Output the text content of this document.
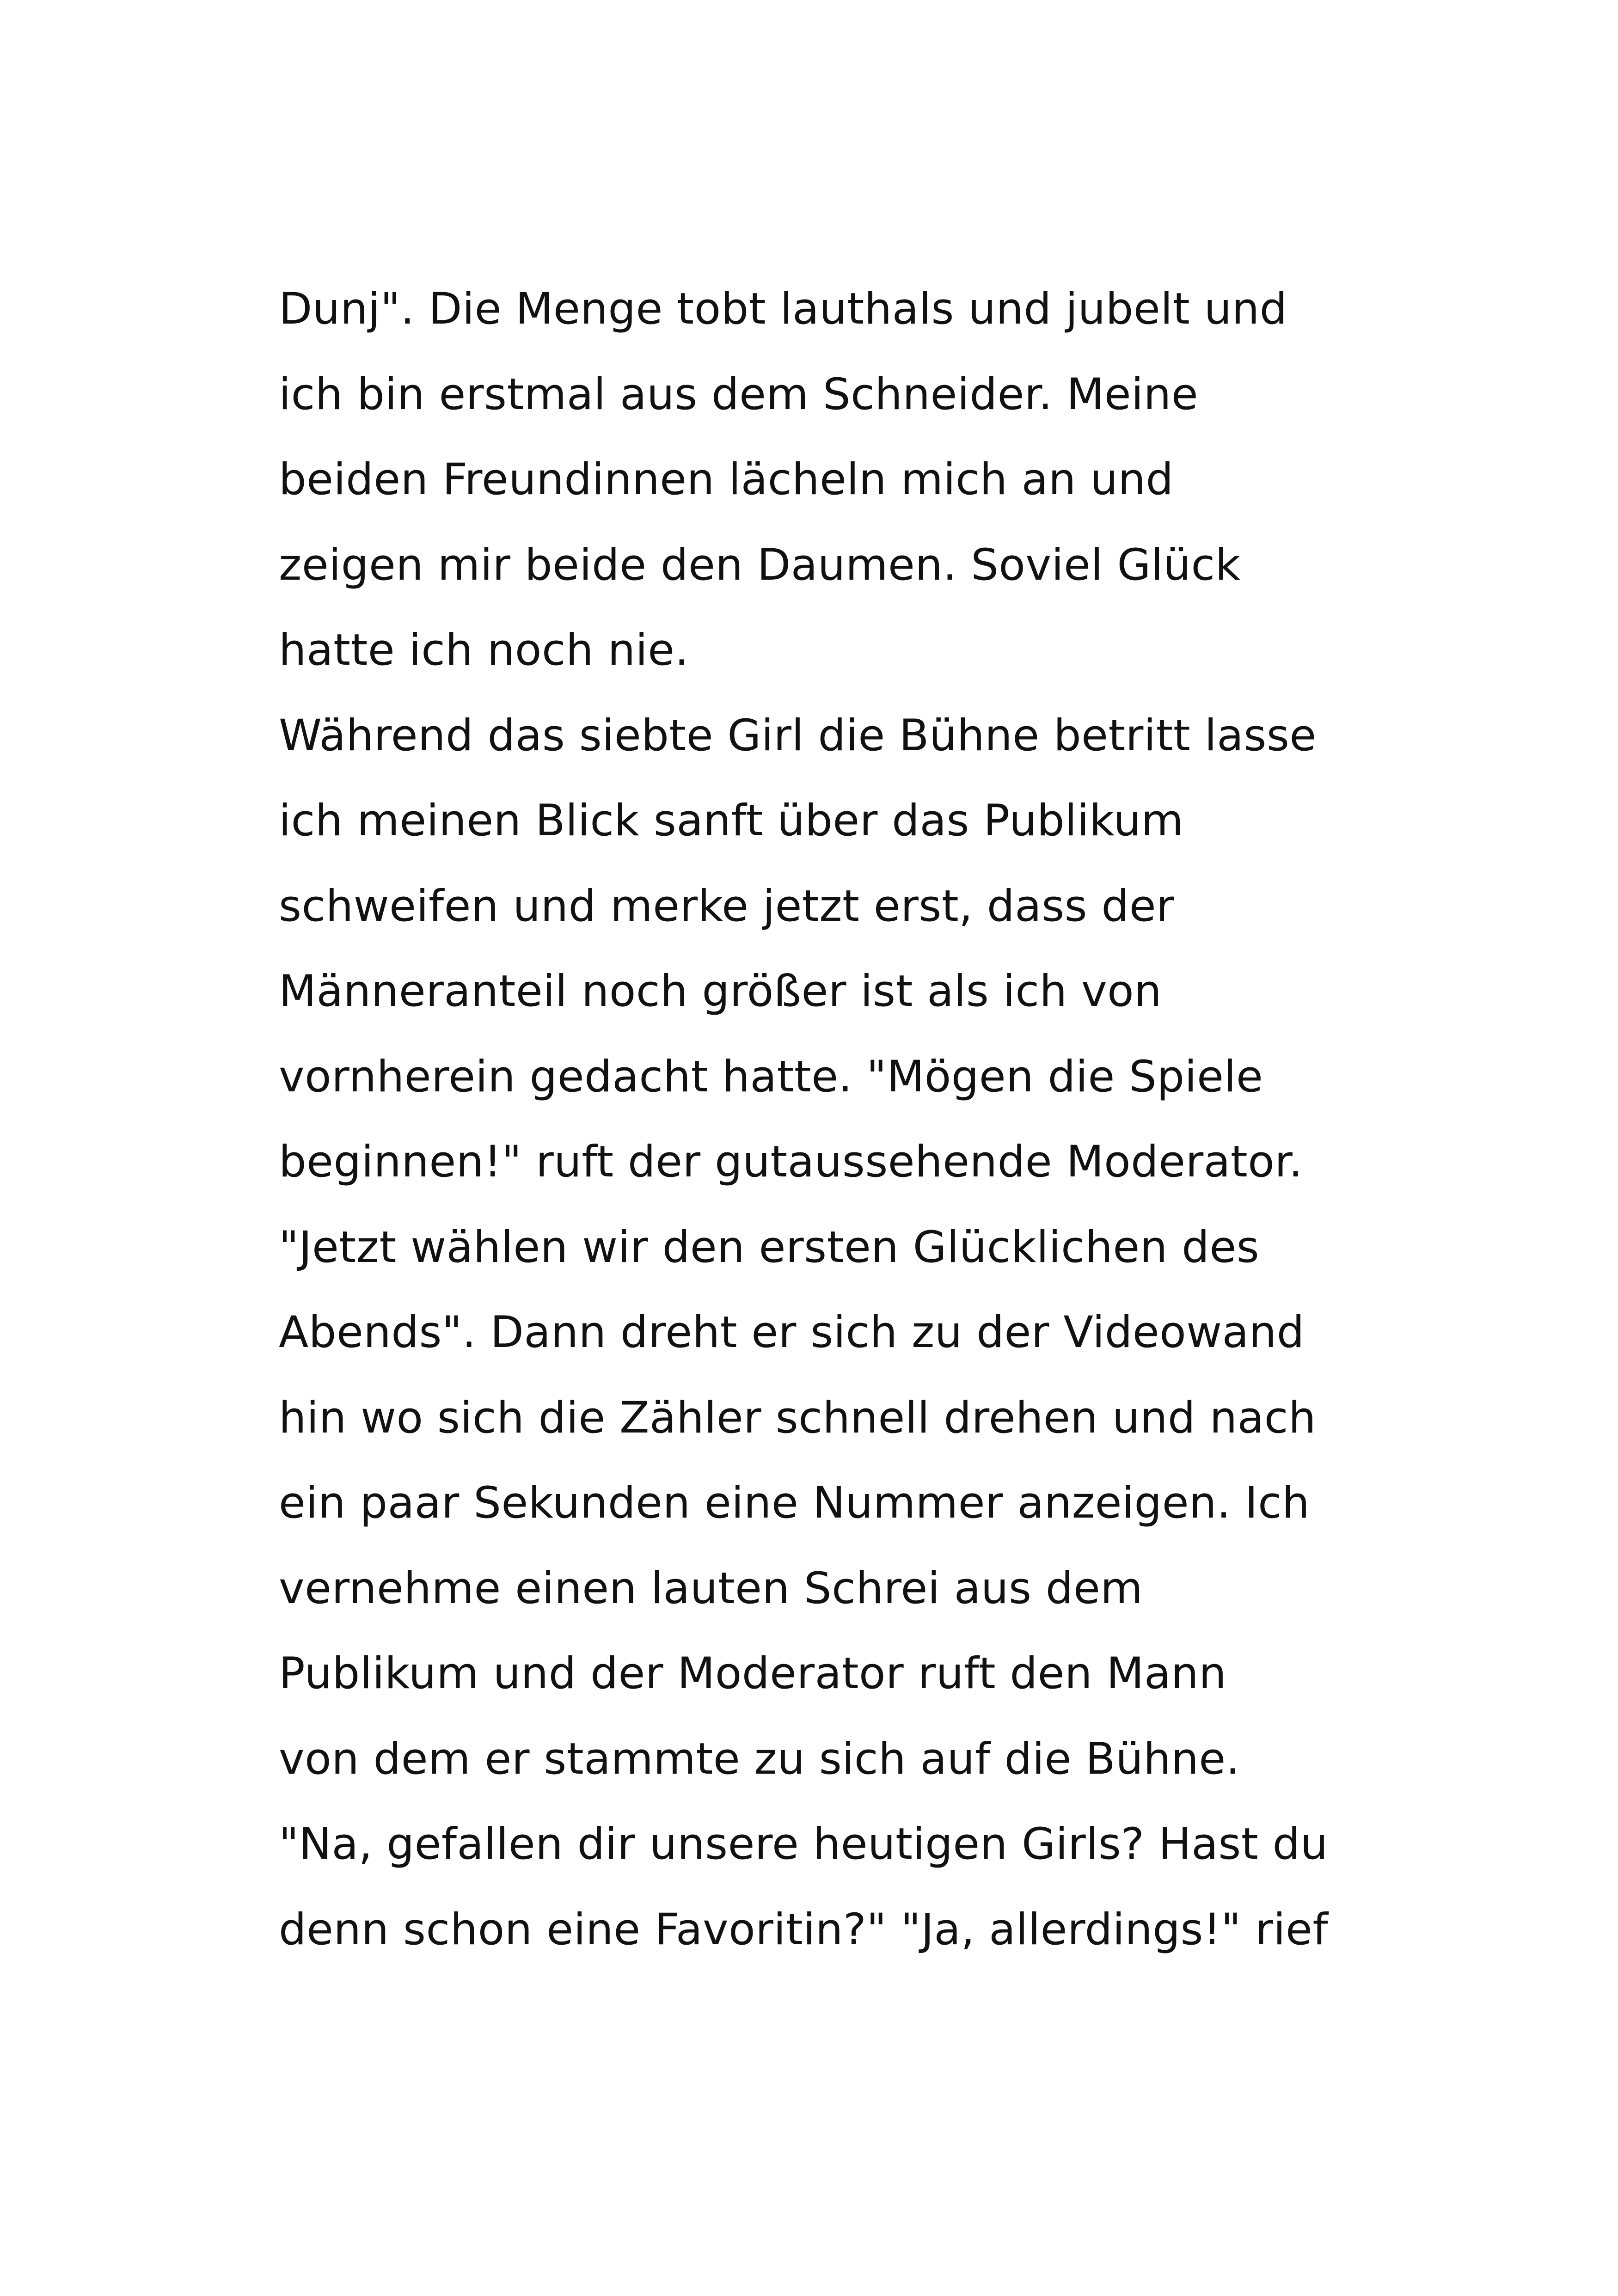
Dunj". Die Menge tobt lauthals und jubelt und
ich bin erstmal aus dem Schneider. Meine
beiden Freundinnen lächeln mich an und
zeigen mir beide den Daumen. Soviel Glück
hatte ich noch nie.
Während das siebte Girl die Bühne betritt lasse
ich meinen Blick sanft über das Publikum
schweifen und merke jetzt erst, dass der
Männeranteil noch größer ist als ich von
vornherein gedacht hatte. "Mögen die Spiele
beginnen!" ruft der gutaussehende Moderator.
"Jetzt wählen wir den ersten Glücklichen des
Abends". Dann dreht er sich zu der Videowand
hin wo sich die Zähler schnell drehen und nach
ein paar Sekunden eine Nummer anzeigen. Ich
vernehme einen lauten Schrei aus dem
Publikum und der Moderator ruft den Mann
von dem er stammte zu sich auf die Bühne.
"Na, gefallen dir unsere heutigen Girls? Hast du
denn schon eine Favoritin?" "Ja, allerdings!" rief
